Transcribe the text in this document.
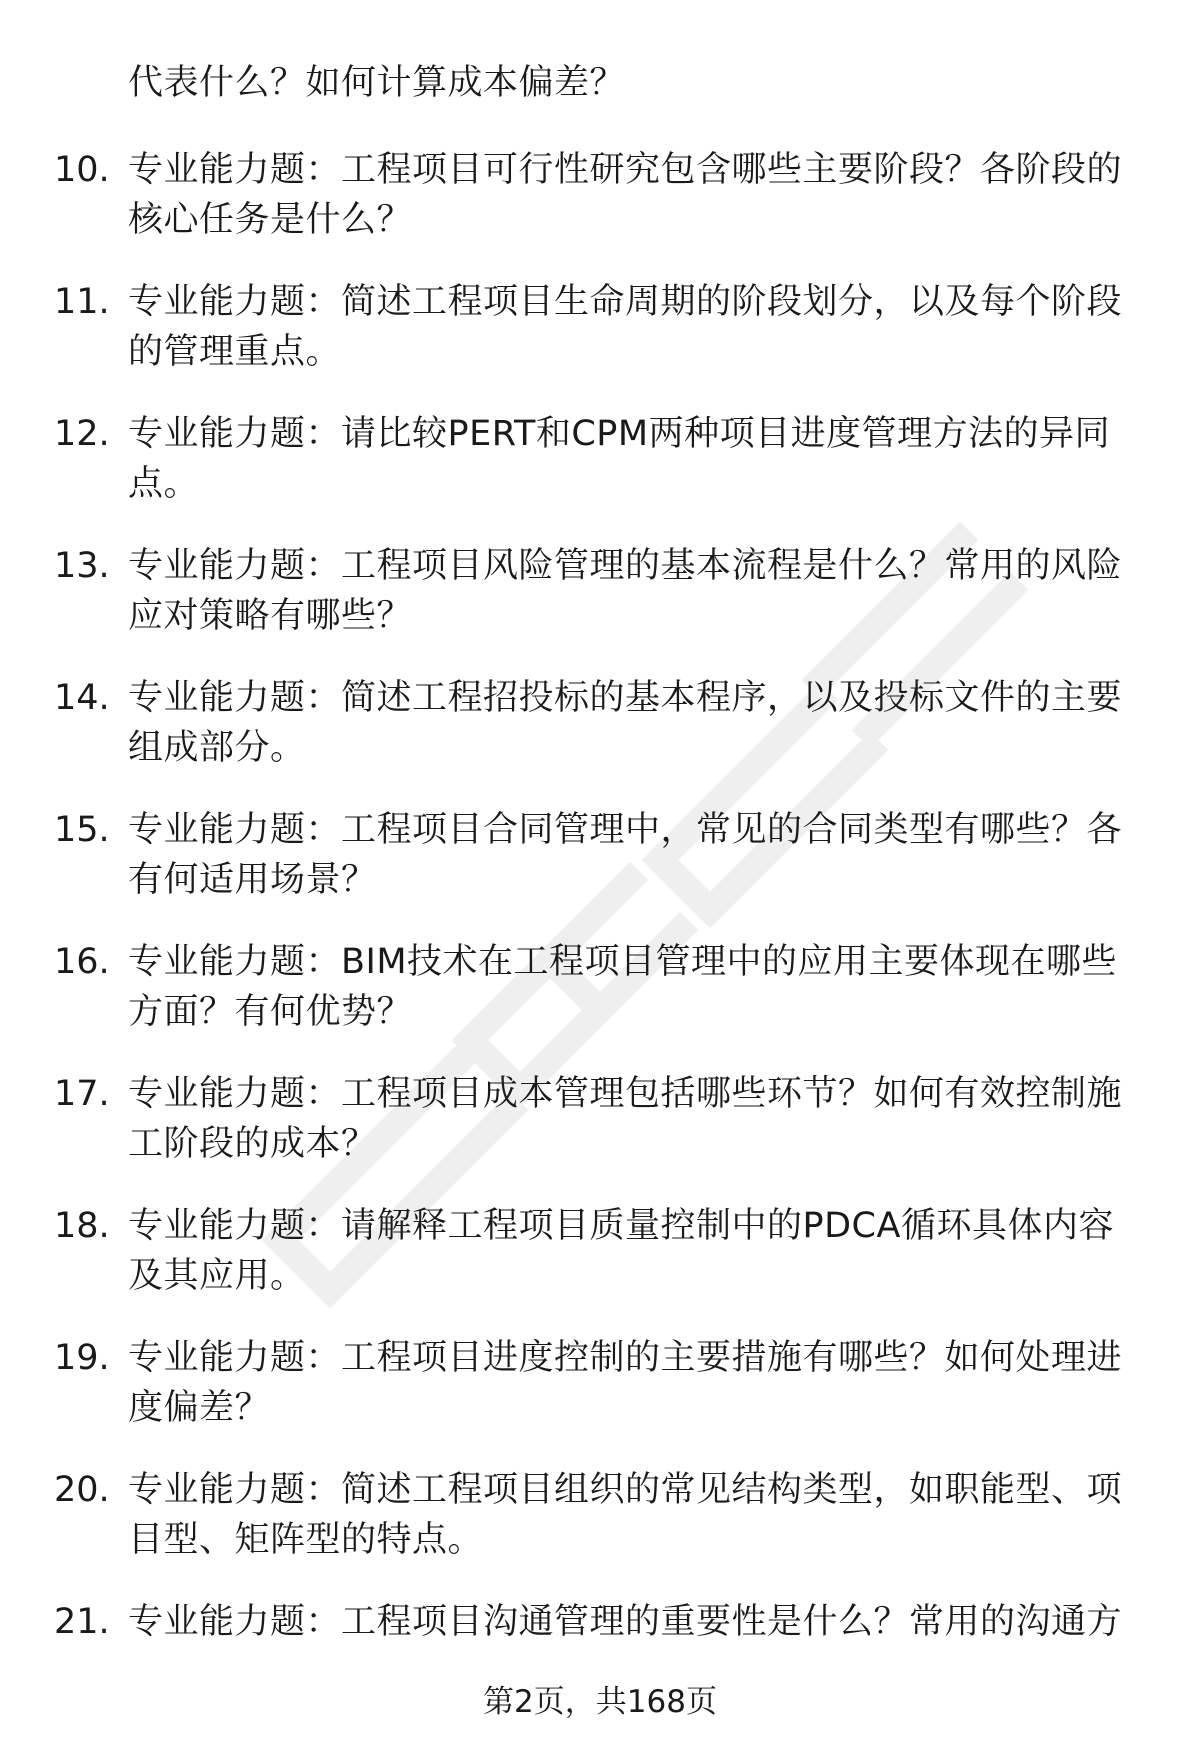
代表什么？如何计算成本偏差？
10. 专业能力题：工程项目可行性研究包含哪些主要阶段？各阶段的
核心任务是什么？
11. 专业能力题：简述工程项目生命周期的阶段划分，以及每个阶段
的管理重点。
12. 专业能力题：请比较PERT和CPM两种项目进度管理方法的异同
点。
13. 专业能力题：工程项目风险管理的基本流程是什么？常用的风险
应对策略有哪些？
14. 专业能力题：简述工程招投标的基本程序，以及投标文件的主要
组成部分。
15. 专业能力题：工程项目合同管理中，常见的合同类型有哪些？各
有何适用场景？
16. 专业能力题：BIM技术在工程项目管理中的应用主要体现在哪些
方面？有何优势？
17. 专业能力题：工程项目成本管理包括哪些环节？如何有效控制施
工阶段的成本？
18. 专业能力题：请解释工程项目质量控制中的PDCA循环具体内容
及其应用。
19. 专业能力题：工程项目进度控制的主要措施有哪些？如何处理进
度偏差？
20. 专业能力题：简述工程项目组织的常见结构类型，如职能型、项
目型、矩阵型的特点。
21. 专业能力题：工程项目沟通管理的重要性是什么？常用的沟通方
第2页，共168页
